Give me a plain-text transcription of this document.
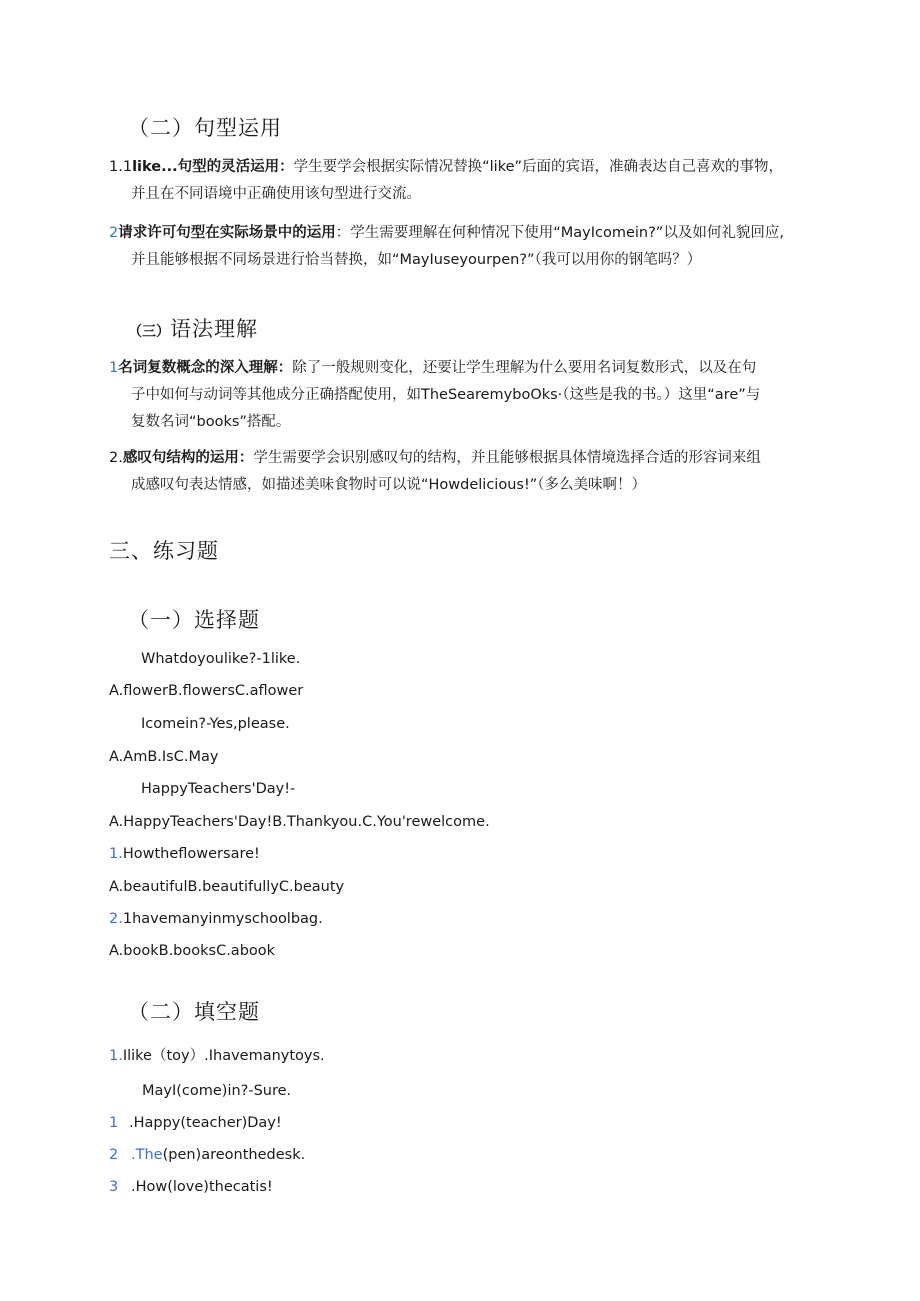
（二）句型运用
1.1like...句型的灵活运用：学生要学会根据实际情况替换“like”后面的宾语，准确表达自己喜欢的事物，
并且在不同语境中正确使用该句型进行交流。
2请求许可句型在实际场景中的运用：学生需要理解在何种情况下使用“MayIcomein?”以及如何礼貌回应,
并且能够根据不同场景进行恰当替换，如“MayIuseyourpen?”（我可以用你的钢笔吗？）
（三）语法理解
1名词复数概念的深入理解：除了一般规则变化，还要让学生理解为什么要用名词复数形式，以及在句
子中如何与动词等其他成分正确搭配使用，如TheSearemyboOks·（这些是我的书。）这里“are”与
复数名词“books”搭配。
2.感叹句结构的运用：学生需要学会识别感叹句的结构，并且能够根据具体情境选择合适的形容词来组
成感叹句表达情感，如描述美味食物时可以说“Howdelicious!”（多么美味啊！）
三、练习题
（一）选择题
Whatdoyoulike?-1like.
A.flowerB.flowersC.aflower
Icomein?-Yes,please.
A.AmB.IsC.May
HappyTeachers'Day!-
A.HappyTeachers'Day!B.Thankyou.C.You'rewelcome.
1.Howtheflowersare!
A.beautifulB.beautifullyC.beauty
2.1havemanyinmyschoolbag.
A.bookB.booksC.abook
（二）填空题
1.Ilike（toy）.Ihavemanytoys.
MayI(come)in?-Sure.
1 .Happy(teacher)Day!
2 .The(pen)areonthedesk.
3 .How(love)thecatis!
